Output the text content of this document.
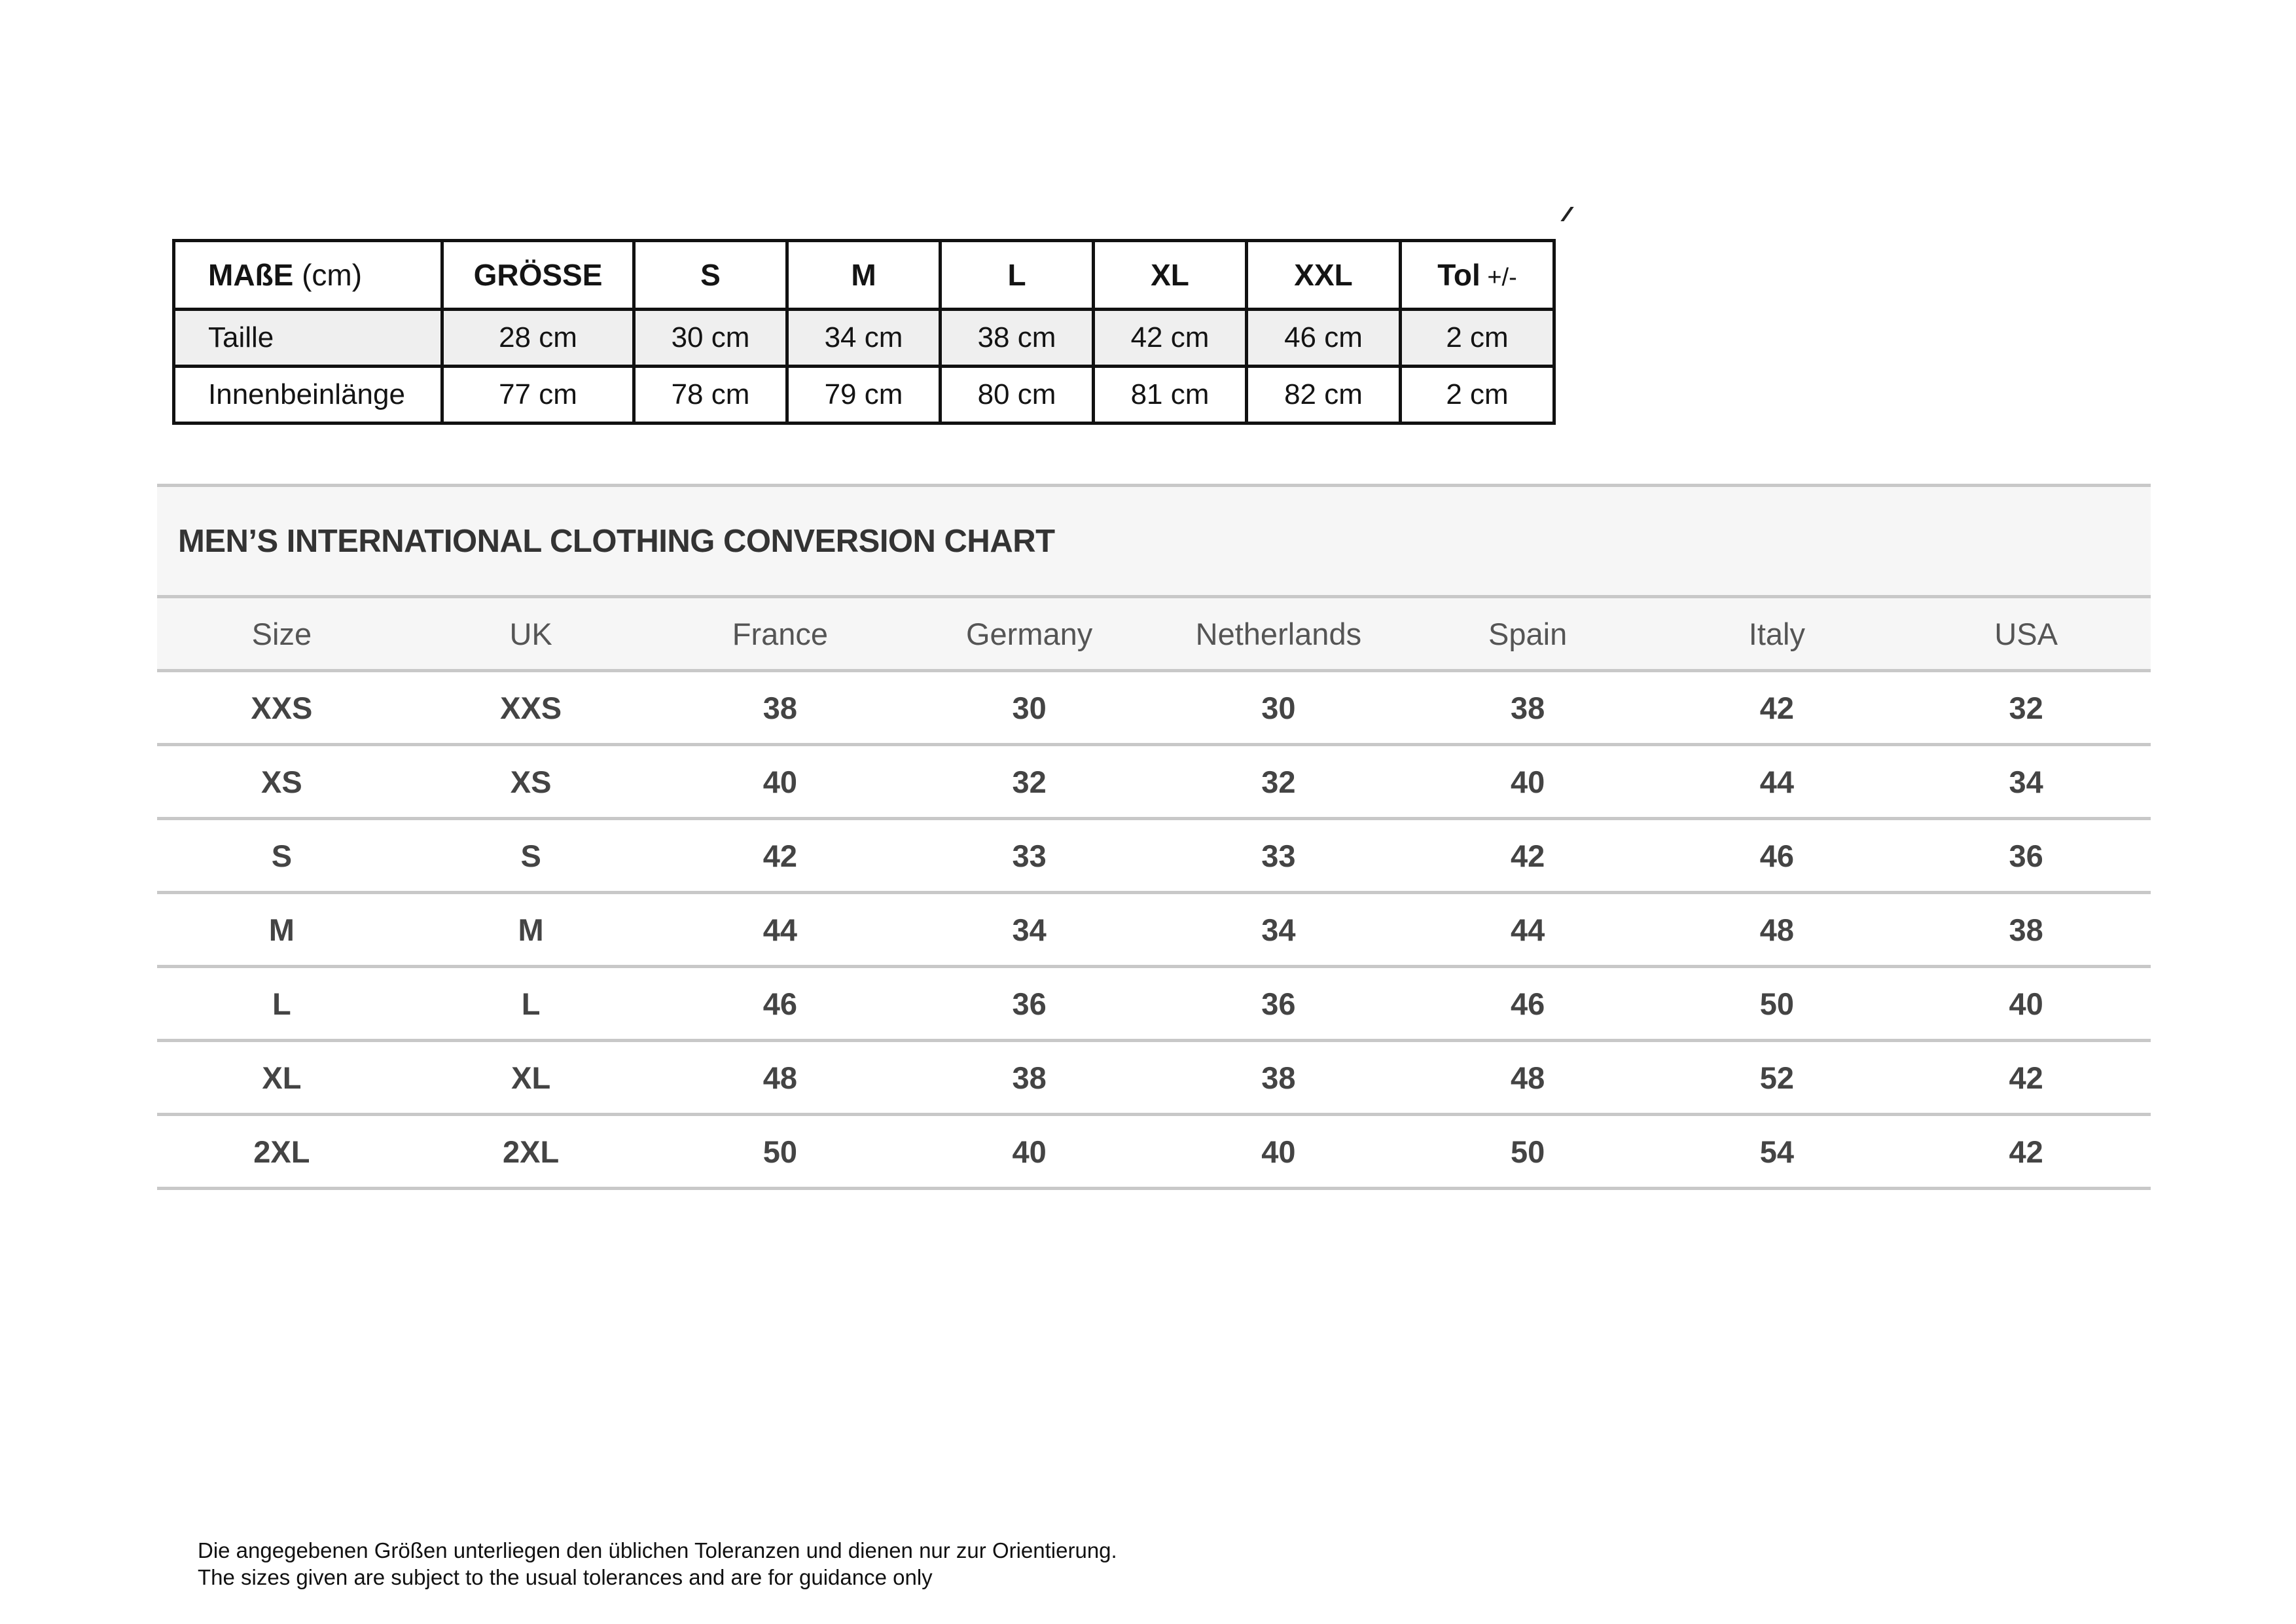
MAßE (cm)	GRÖSSE	S	M	L	XL	XXL	Tol +/-
Taille	28 cm	30 cm	34 cm	38 cm	42 cm	46 cm	2 cm
Innenbeinlänge	77 cm	78 cm	79 cm	80 cm	81 cm	82 cm	2 cm
MEN’S INTERNATIONAL CLOTHING CONVERSION CHART
Size	UK	France	Germany	Netherlands	Spain	Italy	USA
XXS	XXS	38	30	30	38	42	32
XS	XS	40	32	32	40	44	34
S	S	42	33	33	42	46	36
M	M	44	34	34	44	48	38
L	L	46	36	36	46	50	40
XL	XL	48	38	38	48	52	42
2XL	2XL	50	40	40	50	54	42
Die angegebenen Größen unterliegen den üblichen Toleranzen und dienen nur zur Orientierung.
The sizes given are subject to the usual tolerances and are for guidance only
